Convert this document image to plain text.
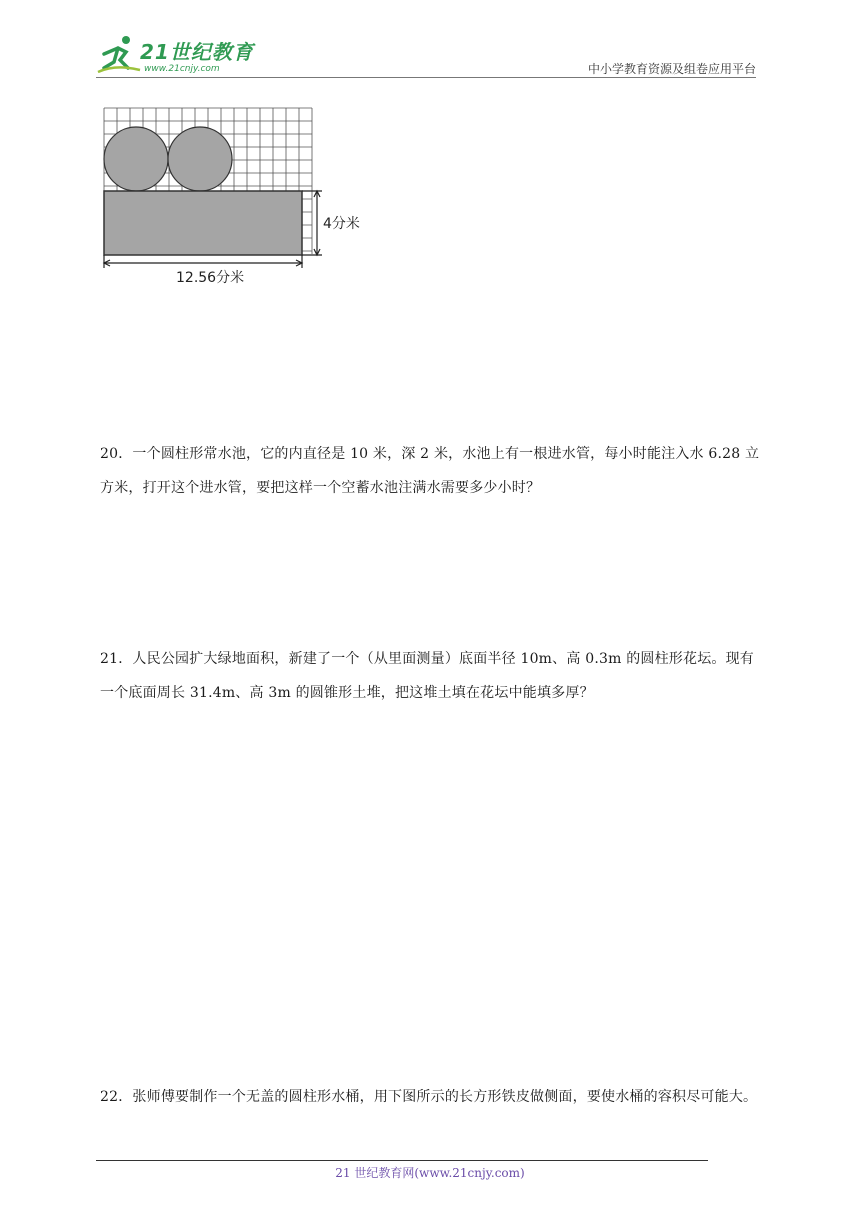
21世纪教育
www.21cnjy.com	中小学教育资源及组卷应用平台
4分米
12.56分米
20．一个圆柱形常水池，它的内直径是 10 米，深 2 米，水池上有一根进水管，每小时能注入水 6.28 立方米，打开这个进水管，要把这样一个空蓄水池注满水需要多少小时？
21．人民公园扩大绿地面积，新建了一个（从里面测量）底面半径 10m、高 0.3m 的圆柱形花坛。现有一个底面周长 31.4m、高 3m 的圆锥形土堆，把这堆土填在花坛中能填多厚？
22．张师傅要制作一个无盖的圆柱形水桶，用下图所示的长方形铁皮做侧面，要使水桶的容积尽可能大。
21 世纪教育网(www.21cnjy.com)
